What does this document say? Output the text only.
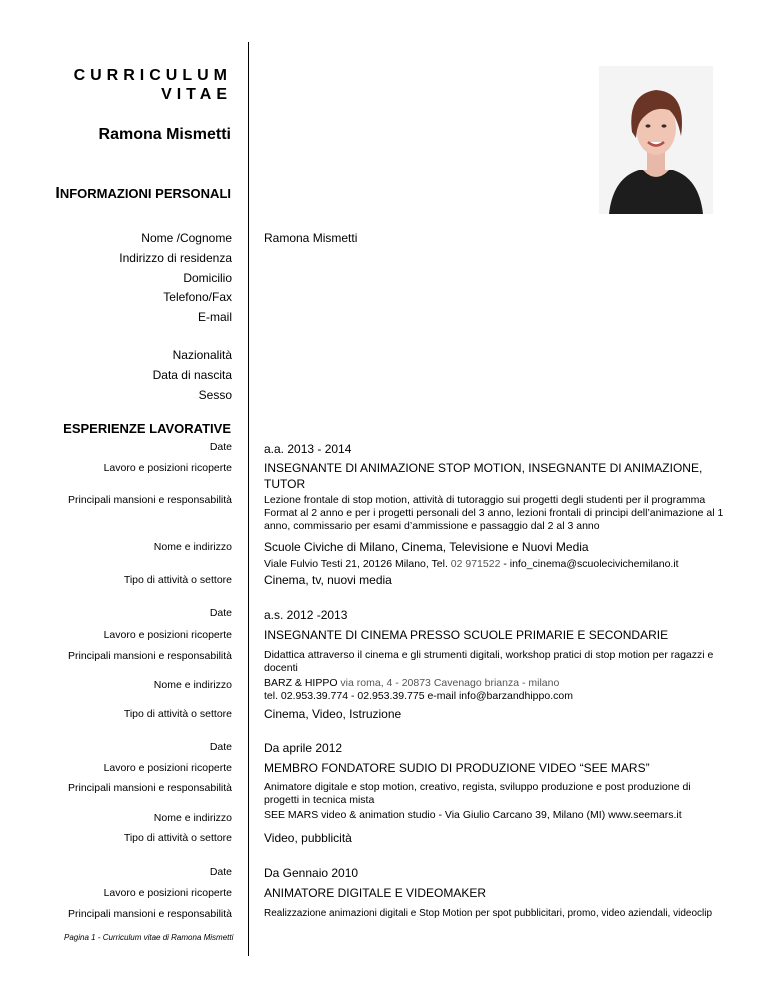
CURRICULUM
VITAE
Ramona Mismetti
INFORMAZIONI PERSONALI
Nome /Cognome	Ramona Mismetti
Indirizzo di residenza
Domicilio
Telefono/Fax
E-mail
Nazionalità
Data di nascita
Sesso
ESPERIENZE LAVORATIVE
Date	a.a. 2013 - 2014
Lavoro e posizioni ricoperte	INSEGNANTE DI ANIMAZIONE STOP MOTION, INSEGNANTE DI ANIMAZIONE, TUTOR
Principali mansioni e responsabilità	Lezione frontale di stop motion, attività di tutoraggio sui progetti degli studenti per il programma Format al 2 anno e per i progetti personali del 3 anno, lezioni frontali di principi dell’animazione al 1 anno, commissario per esami d’ammissione e passaggio dal 2 al 3 anno
Nome e indirizzo	Scuole Civiche di Milano, Cinema, Televisione e Nuovi Media
Viale Fulvio Testi 21, 20126 Milano, Tel. 02 971522 - info_cinema@scuolecivichemilano.it
Tipo di attività o settore	Cinema, tv, nuovi media
Date	a.s. 2012 -2013
Lavoro e posizioni ricoperte	INSEGNANTE DI CINEMA PRESSO SCUOLE PRIMARIE E SECONDARIE
Principali mansioni e responsabilità	Didattica attraverso il cinema e gli strumenti digitali, workshop pratici di stop motion per ragazzi e docenti
Nome e indirizzo	BARZ & HIPPO via roma, 4 - 20873 Cavenago brianza - milano
tel. 02.953.39.774 - 02.953.39.775 e-mail info@barzandhippo.com
Tipo di attività o settore	Cinema, Video, Istruzione
Date	Da aprile 2012
Lavoro e posizioni ricoperte	MEMBRO FONDATORE SUDIO DI PRODUZIONE VIDEO “SEE MARS”
Principali mansioni e responsabilità	Animatore digitale e stop motion, creativo, regista, sviluppo produzione e post produzione di progetti in tecnica mista
Nome e indirizzo	SEE MARS video & animation studio - Via Giulio Carcano 39, Milano (MI) www.seemars.it
Tipo di attività o settore	Video, pubblicità
Date	Da Gennaio 2010
Lavoro e posizioni ricoperte	ANIMATORE DIGITALE E VIDEOMAKER
Principali mansioni e responsabilità	Realizzazione animazioni digitali e Stop Motion per spot pubblicitari, promo, video aziendali, videoclip
Pagina 1 - Curriculum vitae di Ramona Mismetti
